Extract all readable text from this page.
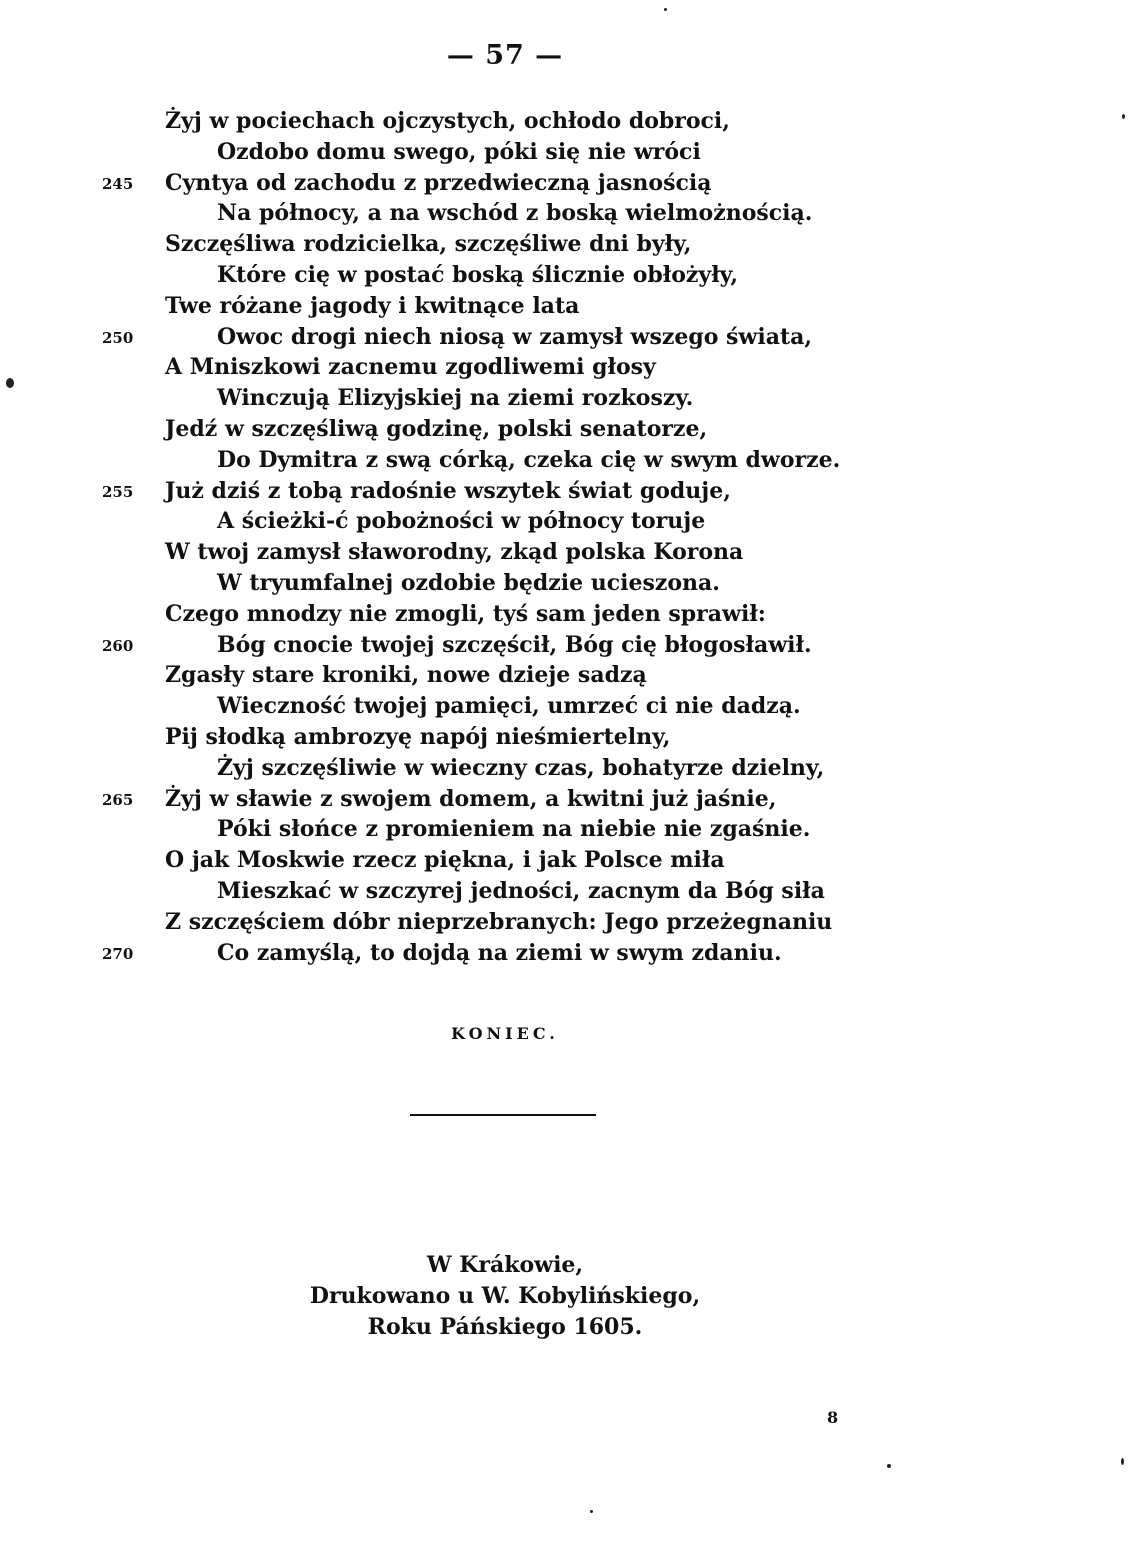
— 57 —
Żyj w pociechach ojczystych, ochłodo dobroci,
Ozdobo domu swego, póki się nie wróci
245 Cyntya od zachodu z przedwieczną jasnością
Na północy, a na wschód z boską wielmożnością.
Szczęśliwa rodzicielka, szczęśliwe dni były,
Które cię w postać boską ślicznie obłożyły,
Twe różane jagody i kwitnące lata
250	Owoc drogi niech niosą w zamysł wszego świata,
A Mniszkowi zacnemu zgodliwemi głosy
Winczują Elizyjskiej na ziemi rozkoszy.
Jedź w szczęśliwą godzinę, polski senatorze,
Do Dymitra z swą córką, czeka cię w swym dworze.
255 Już dziś z tobą radośnie wszytek świat goduje,
A ścieżki-ć pobożności w północy toruje
W twoj zamysł sławorodny, zkąd polska Korona
W tryumfalnej ozdobie będzie ucieszona.
Czego mnodzy nie zmogli, tyś sam jeden sprawił:
260	Bóg cnocie twojej szczęścił, Bóg cię błogosławił.
Zgasły stare kroniki, nowe dzieje sadzą
Wieczność twojej pamięci, umrzeć ci nie dadzą.
Pij słodką ambrozyę napój nieśmiertelny,
Żyj szczęśliwie w wieczny czas, bohatyrze dzielny,
265 Żyj w sławie z swojem domem, a kwitni już jaśnie,
Póki słońce z promieniem na niebie nie zgaśnie.
O jak Moskwie rzecz piękna, i jak Polsce miła
Mieszkać w szczyrej jedności, zacnym da Bóg siła
Z szczęściem dóbr nieprzebranych: Jego przeżegnaniu
270	Co zamyślą, to dojdą na ziemi w swym zdaniu.
KONIEC.
W Krákowie,
Drukowano u W. Kobylińskiego,
Roku Páńskiego 1605.
8
